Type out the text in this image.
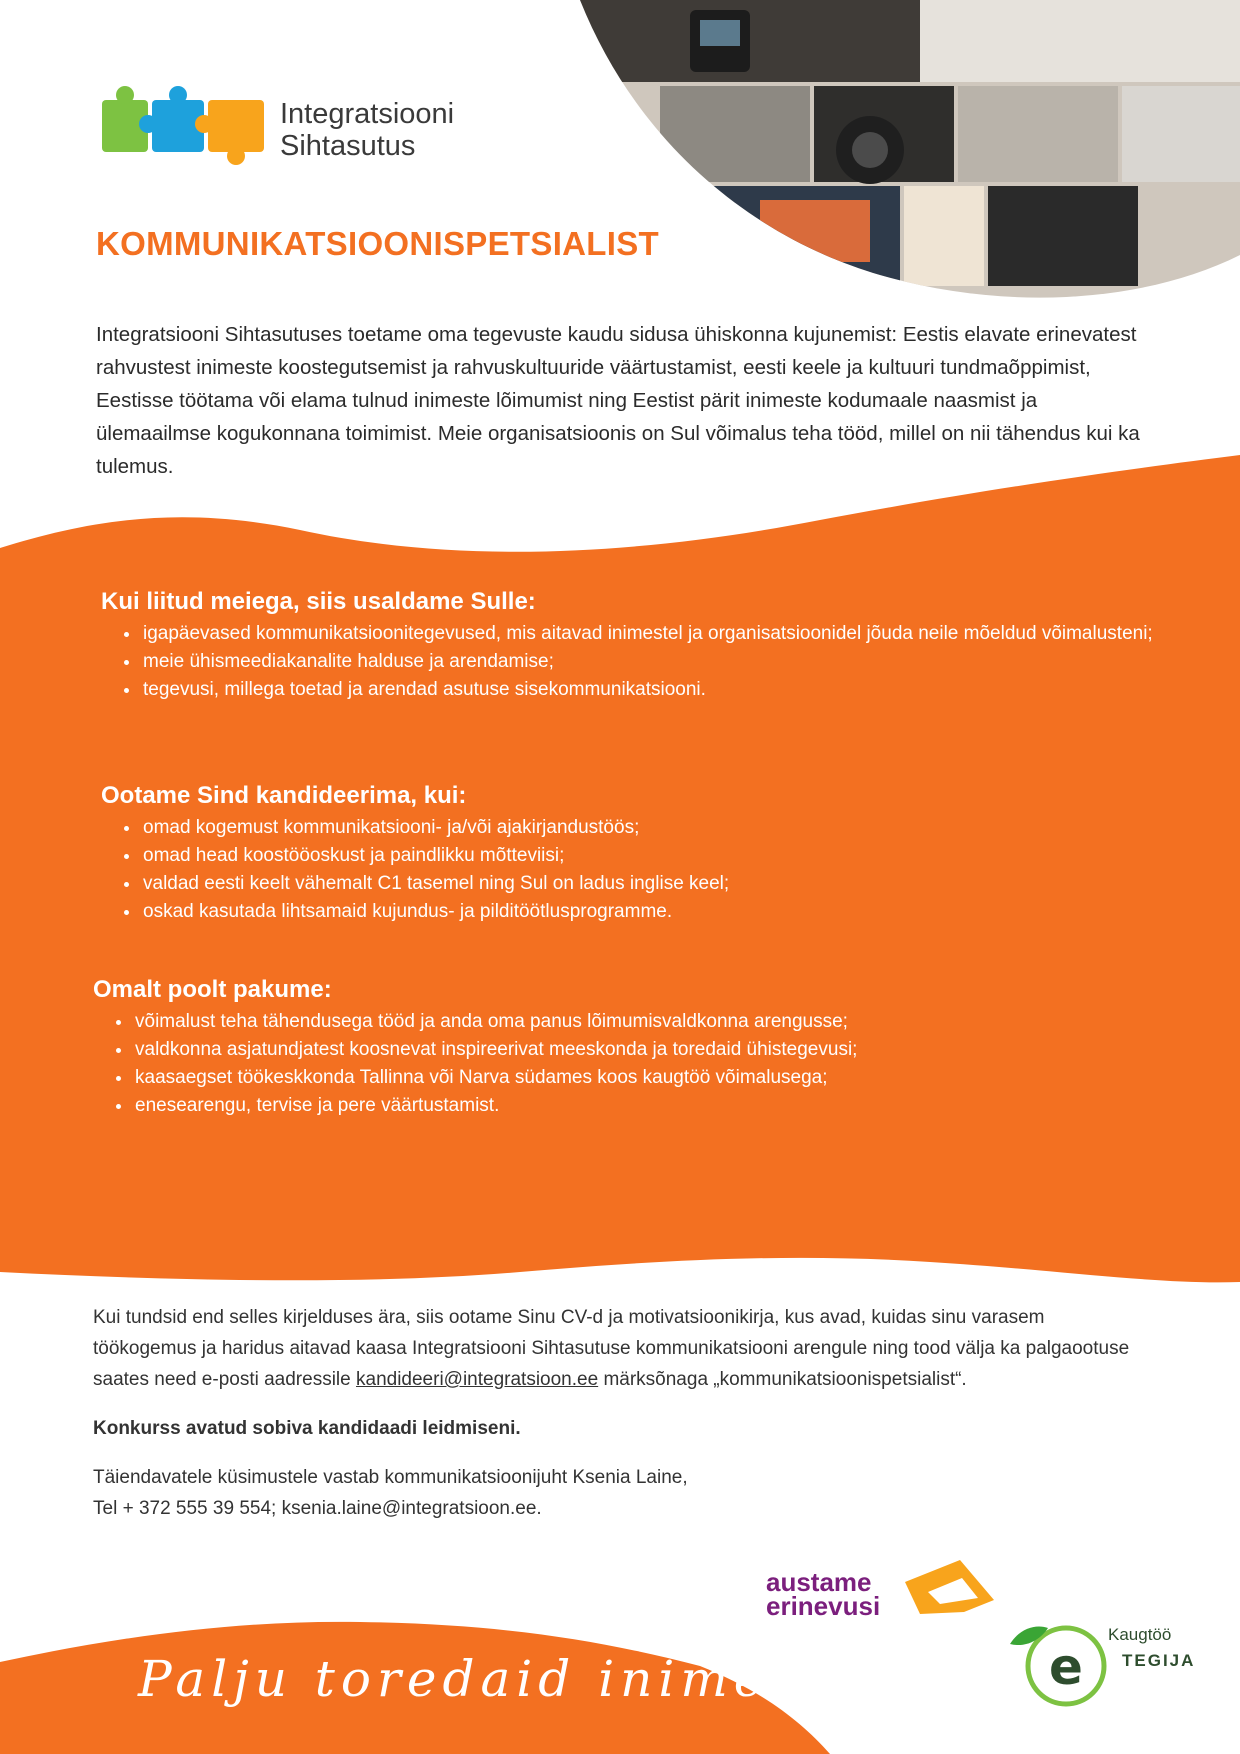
e
Integratsiooni
Sihtasutus
KOMMUNIKATSIOONISPETSIALIST
Integratsiooni Sihtasutuses toetame oma tegevuste kaudu sidusa ühiskonna kujunemist: Eestis elavate erinevatest rahvustest inimeste koostegutsemist ja rahvuskultuuride väärtustamist, eesti keele ja kultuuri tundmaõppimist, Eestisse töötama või elama tulnud inimeste lõimumist ning Eestist pärit inimeste kodumaale naasmist ja ülemaailmse kogukonnana toimimist. Meie organisatsioonis on Sul võimalus teha tööd, millel on nii tähendus kui ka tulemus.
Kui liitud meiega, siis usaldame Sulle:
• igapäevased kommunikatsioonitegevused, mis aitavad inimestel ja organisatsioonidel jõuda neile mõeldud võimalusteni;
• meie ühismeediakanalite halduse ja arendamise;
• tegevusi, millega toetad ja arendad asutuse sisekommunikatsiooni.
Ootame Sind kandideerima, kui:
• omad kogemust kommunikatsiooni- ja/või ajakirjandustöös;
• omad head koostööoskust ja paindlikku mõtteviisi;
• valdad eesti keelt vähemalt C1 tasemel ning Sul on ladus inglise keel;
• oskad kasutada lihtsamaid kujundus- ja pilditöötlusprogramme.
Omalt poolt pakume:
• võimalust teha tähendusega tööd ja anda oma panus lõimumisvaldkonna arengusse;
• valdkonna asjatundjatest koosnevat inspireerivat meeskonda ja toredaid ühistegevusi;
• kaasaegset töökeskkonda Tallinna või Narva südames koos kaugtöö võimalusega;
• enesearengu, tervise ja pere väärtustamist.

Kui tundsid end selles kirjelduses ära, siis ootame Sinu CV-d ja motivatsioonikirja, kus avad, kuidas sinu varasem töökogemus ja haridus aitavad kaasa Integratsiooni Sihtasutuse kommunikatsiooni arengule ning tood välja ka palgaootuse saates need e-posti aadressile kandideeri@integratsioon.ee märksõnaga „kommunikatsioonispetsialist“.

Konkurss avatud sobiva kandidaadi leidmiseni.

Täiendavatele küsimustele vastab kommunikatsioonijuht Ksenia Laine,
Tel + 372 555 39 554; ksenia.laine@integratsioon.ee.

austame
erinevusi
Kaugtöö
TEGIJA
Palju toredaid inimesi
